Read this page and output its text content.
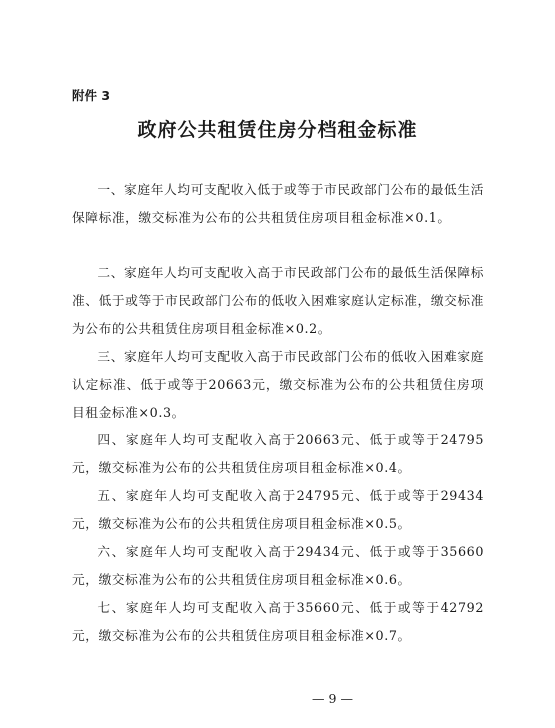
附件 3
政府公共租赁住房分档租金标准

一、家庭年人均可支配收入低于或等于市民政部门公布的最低生活保障标准，缴交标准为公布的公共租赁住房项目租金标准×0.1。

二、家庭年人均可支配收入高于市民政部门公布的最低生活保障标准、低于或等于市民政部门公布的低收入困难家庭认定标准，缴交标准为公布的公共租赁住房项目租金标准×0.2。

三、家庭年人均可支配收入高于市民政部门公布的低收入困难家庭认定标准、低于或等于20663元，缴交标准为公布的公共租赁住房项目租金标准×0.3。

四、家庭年人均可支配收入高于20663元、低于或等于24795元，缴交标准为公布的公共租赁住房项目租金标准×0.4。

五、家庭年人均可支配收入高于24795元、低于或等于29434元，缴交标准为公布的公共租赁住房项目租金标准×0.5。

六、家庭年人均可支配收入高于29434元、低于或等于35660元，缴交标准为公布的公共租赁住房项目租金标准×0.6。

七、家庭年人均可支配收入高于35660元、低于或等于42792元，缴交标准为公布的公共租赁住房项目租金标准×0.7。

— 9 —
